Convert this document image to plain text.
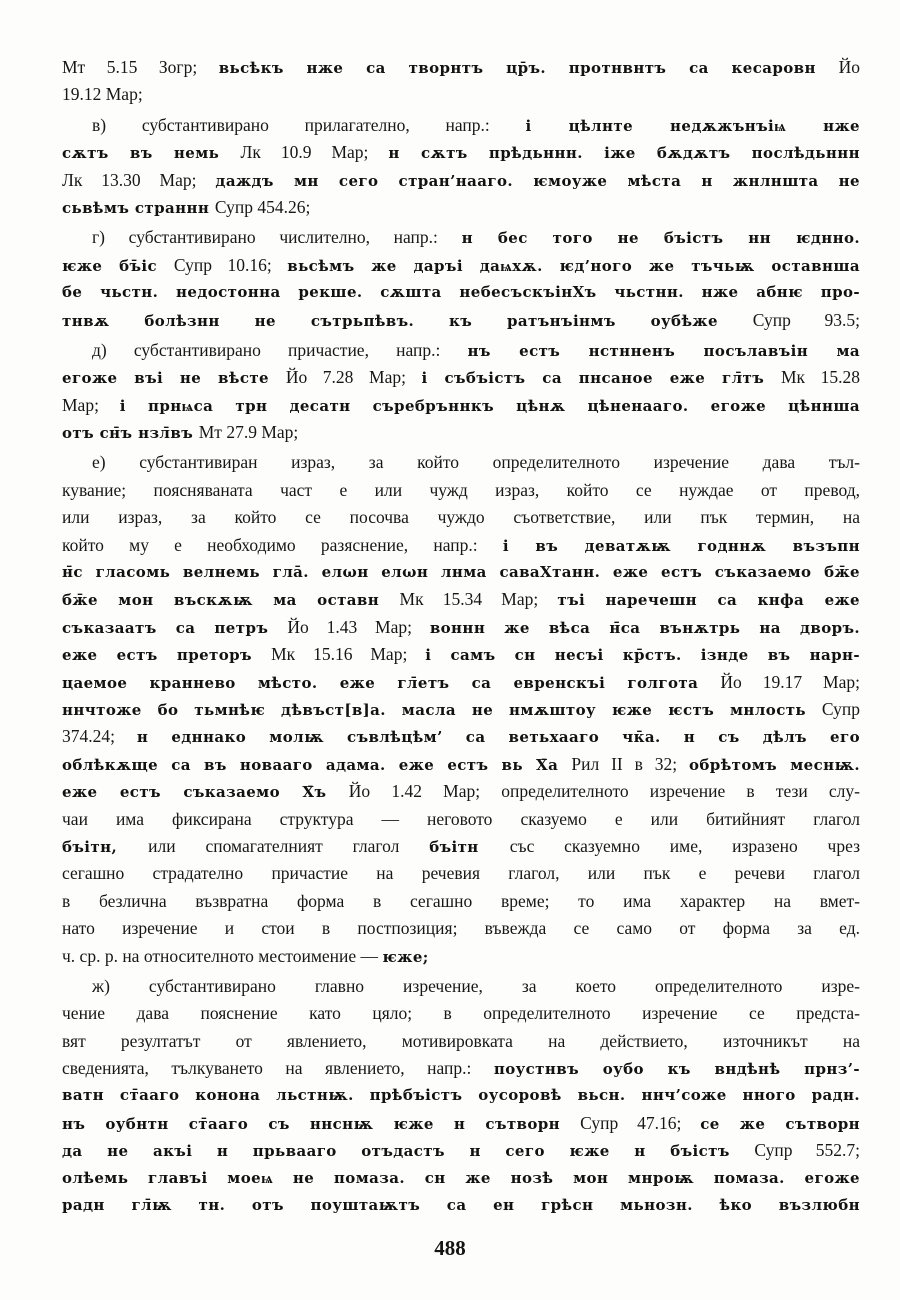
Мт 5.15 Зогр; вьсѣкъ нже са творнтъ цр̄ъ. протнвнтъ са кесаровн Йо
19.12 Мар;
в) субстантивирано прилагателно, напр.: і цѣлнте недѫжънъіѩ нже
сѫтъ въ немь Лк 10.9 Мар; н сѫтъ прѣдьннн. іже бѫдѫтъ послѣдьннн
Лк 13.30 Мар; даждъ мн сего стран’нааго. ѥмоуже мѣста н жнлншта не
сьвѣмъ страннн Супр 454.26;
г) субстантивирано числително, напр.: н бес того не бъістъ нн ѥднно.
ѥже бъ̄іс Супр 10.16; вьсѣмъ же даръі даѩхѫ. ѥд’ного же тъчьѭ оставнша
бе чьстн. недостонна рекше. сѫшта небесъскъінХъ чьстнн. нже абнѥ про-
тнвѫ болѣзнн не сътрьпѣвъ. къ ратънъінмъ оубѣже Супр 93.5;
д) субстантивирано причастие, напр.: нъ естъ нстнненъ посълавъін ма
егоже въі не вѣсте Йо 7.28 Мар; і събъістъ са пнсаное еже гл̄тъ Мк 15.28
Мар; і прнѩса трн десатн съребръннкъ цѣнѫ цѣненааго. егоже цѣннша
отъ сн̄ъ нзл̄въ Мт 27.9 Мар;
е) субстантивиран израз, за който определителното изречение дава тъл-
кувание; поясняваната част е или чужд израз, който се нуждае от превод,
или израз, за който се посочва чуждо съответствие, или пък термин, на
който му е необходимо разяснение, напр.: і въ деватѫѭ годннѫ възъпн
н̄с гласомь велнемь гла̄. елωн елωн лнма саваХтанн. еже естъ съказаемо бж̄е
бж̄е мон въскѫѭ ма оставн Мк 15.34 Мар; тъі наречешн са кнфа еже
съказаатъ са петръ Йо 1.43 Мар; воннн же вѣса н̄са вънѫтрь на дворъ.
еже естъ преторъ Мк 15.16 Мар; і самъ сн несъі кр̄стъ. ізнде въ нарн-
цаемое краннево мѣсто. еже гл̄етъ са евренскъі голгота Йо 19.17 Мар;
ннчтоже бо тьмнѣѥ дѣвъст[в]а. масла не нмѫштоу ѥже ѥстъ мнлость Супр
374.24; н едннако молѭ съвлѣцѣм’ са ветьхааго чк̄а. н съ дѣлъ его
облѣкѫще са въ новааго адама. еже естъ вь Х̄а Рил II в 32; обрѣтомъ меснѭ.
еже естъ съказаемо Х̄ъ Йо 1.42 Мар; определителното изречение в тези слу-
чаи има фиксирана структура — неговото сказуемо е или битийният глагол
бъітн, или спомагателният глагол бъітн със сказуемно име, изразено чрез
сегашно страдателно причастие на речевия глагол, или пък е речеви глагол
в безлична възвратна форма в сегашно време; то има характер на вмет-
нато изречение и стои в постпозиция; въвежда се само от форма за ед.
ч. ср. р. на относителното местоимение — ѥже;
ж) субстантивирано главно изречение, за което определителното изре-
чение дава пояснение като цяло; в определителното изречение се предста-
вят резултатът от явлението, мотивировката на действието, източникът на
сведенията, тълкуването на явлението, напр.: поустнвъ оубо къ вндѣнѣ прнз’-
ватн ст̄ааго конона льстнѭ. прѣбъістъ оусоровѣ вьсн. ннч’соже нного радн.
нъ оубнтн ст̄ааго съ ннснѭ ѥже н сътворн Супр 47.16; се же сътворн
да не акъі н прьвааго отъдастъ н сего ѥже н бъістъ Супр 552.7;
олѣемь главъі моеѩ не помаза. сн же нозѣ мон мнроѭ помаза. егоже
радн гл̄ѭ тн. отъ поуштаѭтъ са ен грѣсн мьнозн. ѣко възлюбн
488
